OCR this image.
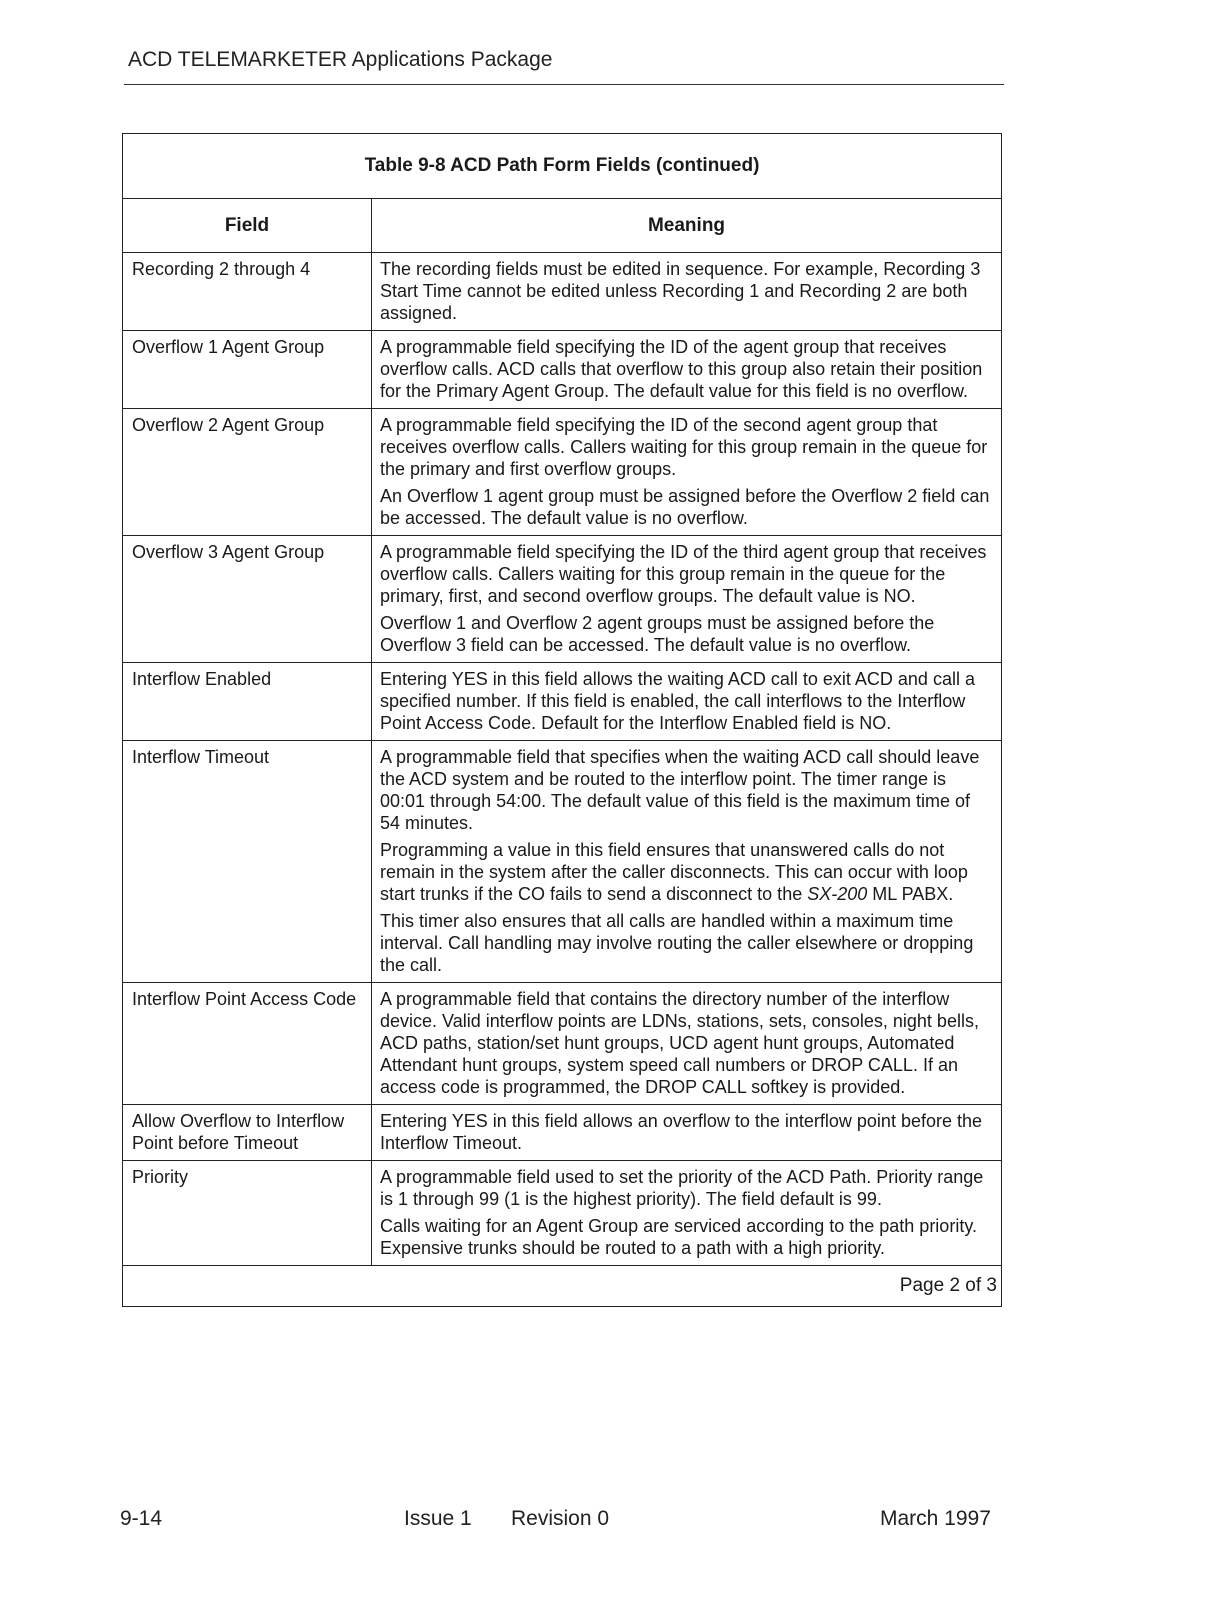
ACD TELEMARKETER Applications Package
Table 9-8 ACD Path Form Fields (continued)	
Field	Meaning
Recording 2 through 4	The recording fields must be edited in sequence. For example, Recording 3 Start Time cannot be edited unless Recording 1 and Recording 2 are both assigned.

Overflow 1 Agent Group	A programmable field specifying the ID of the agent group that receives overflow calls. ACD calls that overflow to this group also retain their position for the Primary Agent Group. The default value for this field is no overflow.

Overflow 2 Agent Group	A programmable field specifying the ID of the second agent group that receives overflow calls. Callers waiting for this group remain in the queue for the primary and first overflow groups.

An Overflow 1 agent group must be assigned before the Overflow 2 field can be accessed. The default value is no overflow.

Overflow 3 Agent Group	A programmable field specifying the ID of the third agent group that receives overflow calls. Callers waiting for this group remain in the queue for the primary, first, and second overflow groups. The default value is NO.

Overflow 1 and Overflow 2 agent groups must be assigned before the Overflow 3 field can be accessed. The default value is no overflow.

Interflow Enabled	Entering YES in this field allows the waiting ACD call to exit ACD and call a specified number. If this field is enabled, the call interflows to the Interflow Point Access Code. Default for the Interflow Enabled field is NO.

Interflow Timeout	A programmable field that specifies when the waiting ACD call should leave the ACD system and be routed to the interflow point. The timer range is 00:01 through 54:00. The default value of this field is the maximum time of 54 minutes.

Programming a value in this field ensures that unanswered calls do not remain in the system after the caller disconnects. This can occur with loop start trunks if the CO fails to send a disconnect to the SX-200 ML PABX.

This timer also ensures that all calls are handled within a maximum time interval. Call handling may involve routing the caller elsewhere or dropping the call.

Interflow Point Access Code	A programmable field that contains the directory number of the interflow device. Valid interflow points are LDNs, stations, sets, consoles, night bells, ACD paths, station/set hunt groups, UCD agent hunt groups, Automated Attendant hunt groups, system speed call numbers or DROP CALL. If an access code is programmed, the DROP CALL softkey is provided.

Allow Overflow to Interflow Point before Timeout	Entering YES in this field allows an overflow to the interflow point before the Interflow Timeout.

Priority	A programmable field used to set the priority of the ACD Path. Priority range is 1 through 99 (1 is the highest priority). The field default is 99.

Calls waiting for an Agent Group are serviced according to the path priority. Expensive trunks should be routed to a path with a high priority.

Page 2 of 3	
9-14	Issue 1 Revision 0	March 1997
